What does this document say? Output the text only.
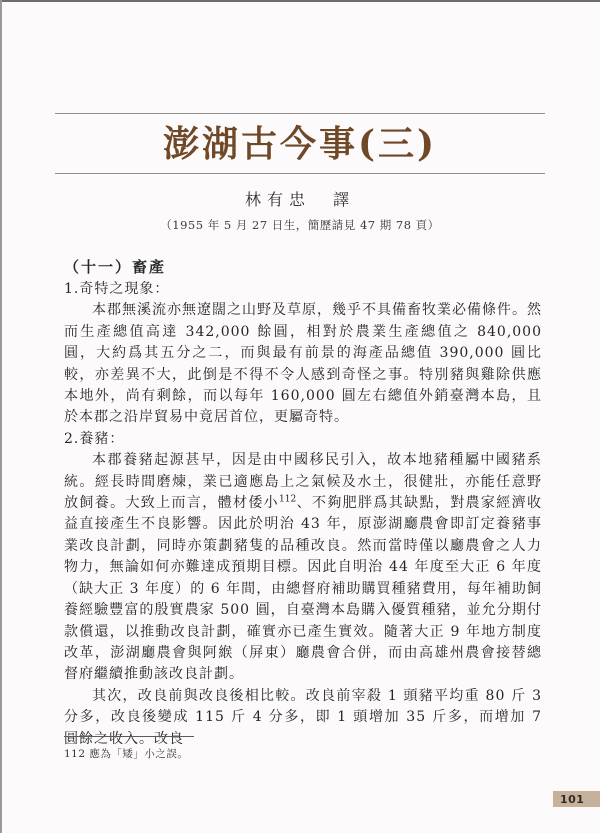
澎湖古今事(三)
林有忠　譯
（1955 年 5 月 27 日生，簡歷請見 47 期 78 頁）
（十一）畜產

1.奇特之現象：

本郡無溪流亦無遼闊之山野及草原，幾乎不具備畜牧業必備條件。然而生產總值高達 342,000 餘圓，相對於農業生產總值之 840,000 圓，大約爲其五分之二，而與最有前景的海產品總值 390,000 圓比較，亦差異不大，此倒是不得不令人感到奇怪之事。特別豬與雞除供應本地外，尚有剩餘，而以每年 160,000 圓左右總值外銷臺灣本島，且於本郡之沿岸貿易中竟居首位，更屬奇特。

2.養豬：

本郡養豬起源甚早，因是由中國移民引入，故本地豬種屬中國豬系統。經長時間磨煉，業已適應島上之氣候及水土，很健壯，亦能任意野放飼養。大致上而言，體材倭小$^{112}$、不夠肥胖爲其缺點，對農家經濟收益直接產生不良影響。因此於明治 43 年，原澎湖廳農會即訂定養豬事業改良計劃，同時亦策劃豬隻的品種改良。然而當時僅以廳農會之人力物力，無論如何亦難達成預期目標。因此自明治 44 年度至大正 6 年度（缺大正 3 年度）的 6 年間，由總督府補助購買種豬費用，每年補助飼養經驗豐富的殷實農家 500 圓，自臺灣本島購入優質種豬，並允分期付款償還，以推動改良計劃，確實亦已產生實效。隨著大正 9 年地方制度改革，澎湖廳農會與阿緱（屏東）廳農會合併，而由高雄州農會接替總督府繼續推動該改良計劃。

其次，改良前與改良後相比較。改良前宰殺 1 頭豬平均重 80 斤 3 分多，改良後變成 115 斤 4 分多，即 1 頭增加 35 斤多，而增加 7 圓餘之收入。改良

112 應為「矮」小之誤。
101
